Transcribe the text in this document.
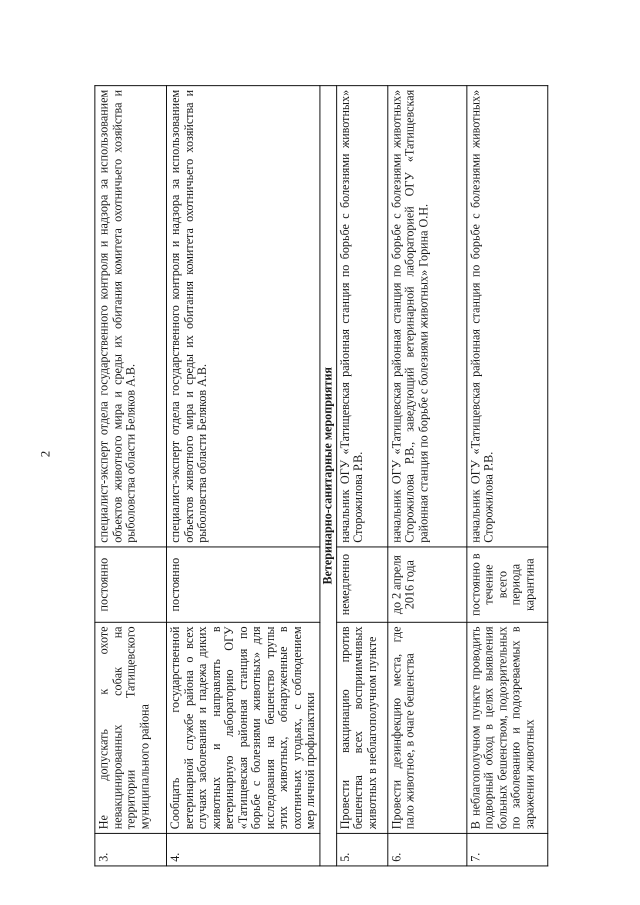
2
3.	Не допускать к охоте невакцинированных собак на территории Татищевского муниципального района	постоянно	специалист-эксперт отдела государственного контроля и надзора за использованием объектов животного мира и среды их обитания комитета охотничьего хозяйства и рыболовства области Беляков А.В.
4.	Сообщать государственной ветеринарной службе района о всех случаях заболевания и падежа диких животных и направлять в ветеринарную лабораторию ОГУ «Татищевская районная станция по борьбе с болезнями животных» для исследования на бешенство трупы этих животных, обнаруженные в охотничьих угодьях, с соблюдением мер личной профилактики	постоянно	специалист-эксперт отдела государственного контроля и надзора за использованием объектов животного мира и среды их обитания комитета охотничьего хозяйства и рыболовства области Беляков А.В.
Ветеринарно-санитарные мероприятия			
5.	Провести вакцинацию против бешенства всех восприимчивых животных в неблагополучном пункте	немедленно	начальник ОГУ «Татищевская районная станция по борьбе с болезнями животных» Сторожилова Р.В.
6.	Провести дезинфекцию места, где пало животное, в очаге бешенства	до 2 апреля 2016 года	начальник ОГУ «Татищевская районная станция по борьбе с болезнями животных» Сторожилова Р.В., заведующий ветеринарной лабораторией ОГУ «Татищевская районная станция по борьбе с болезнями животных» Горина О.Н.
7.	В неблагополучном пункте проводить подворный обход в целях выявления больных бешенством, подозрительных по заболеванию и подозреваемых в заражении животных	постоянно в течение всего периода карантина	начальник ОГУ «Татищевская районная станция по борьбе с болезнями животных» Сторожилова Р.В.
